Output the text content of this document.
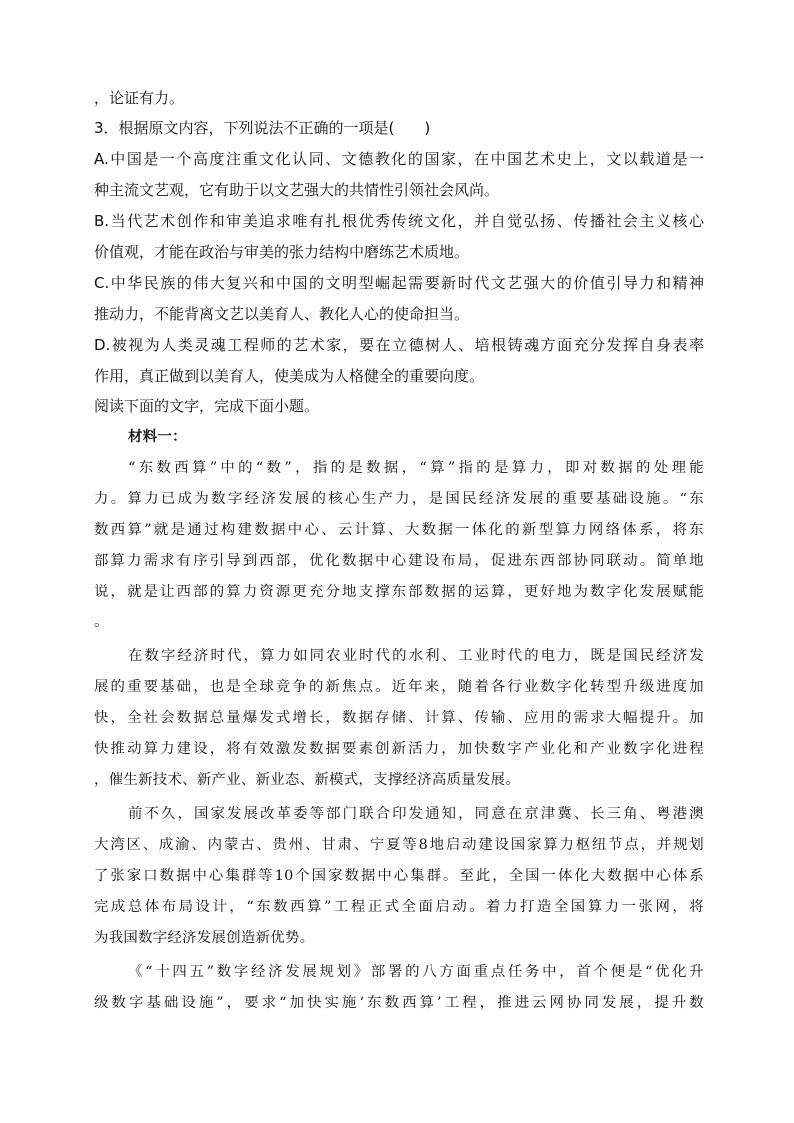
，论证有力。
3．根据原文内容，下列说法不正确的一项是(　　)
A.中国是一个高度注重文化认同、文德教化的国家，在中国艺术史上，文以载道是一
种主流文艺观，它有助于以文艺强大的共情性引领社会风尚。
B.当代艺术创作和审美追求唯有扎根优秀传统文化，并自觉弘扬、传播社会主义核心
价值观，才能在政治与审美的张力结构中磨练艺术质地。
C.中华民族的伟大复兴和中国的文明型崛起需要新时代文艺强大的价值引导力和精神
推动力，不能背离文艺以美育人、教化人心的使命担当。
D.被视为人类灵魂工程师的艺术家，要在立德树人、培根铸魂方面充分发挥自身表率
作用，真正做到以美育人，使美成为人格健全的重要向度。
阅读下面的文字，完成下面小题。
材料一：
“东数西算”中的“数”，指的是数据，“算”指的是算力，即对数据的处理能
力。算力已成为数字经济发展的核心生产力，是国民经济发展的重要基础设施。“东
数西算”就是通过构建数据中心、云计算、大数据一体化的新型算力网络体系，将东
部算力需求有序引导到西部，优化数据中心建设布局，促进东西部协同联动。简单地
说，就是让西部的算力资源更充分地支撑东部数据的运算，更好地为数字化发展赋能
。
在数字经济时代，算力如同农业时代的水利、工业时代的电力，既是国民经济发
展的重要基础，也是全球竞争的新焦点。近年来，随着各行业数字化转型升级进度加
快，全社会数据总量爆发式增长，数据存储、计算、传输、应用的需求大幅提升。加
快推动算力建设，将有效激发数据要素创新活力，加快数字产业化和产业数字化进程
，催生新技术、新产业、新业态、新模式，支撑经济高质量发展。
前不久，国家发展改革委等部门联合印发通知，同意在京津冀、长三角、粤港澳
大湾区、成渝、内蒙古、贵州、甘肃、宁夏等8地启动建设国家算力枢纽节点，并规划
了张家口数据中心集群等10个国家数据中心集群。至此，全国一体化大数据中心体系
完成总体布局设计，“东数西算”工程正式全面启动。着力打造全国算力一张网，将
为我国数字经济发展创造新优势。
《“十四五”数字经济发展规划》部署的八方面重点任务中，首个便是“优化升
级数字基础设施”，要求“加快实施‘东数西算’工程，推进云网协同发展，提升数
